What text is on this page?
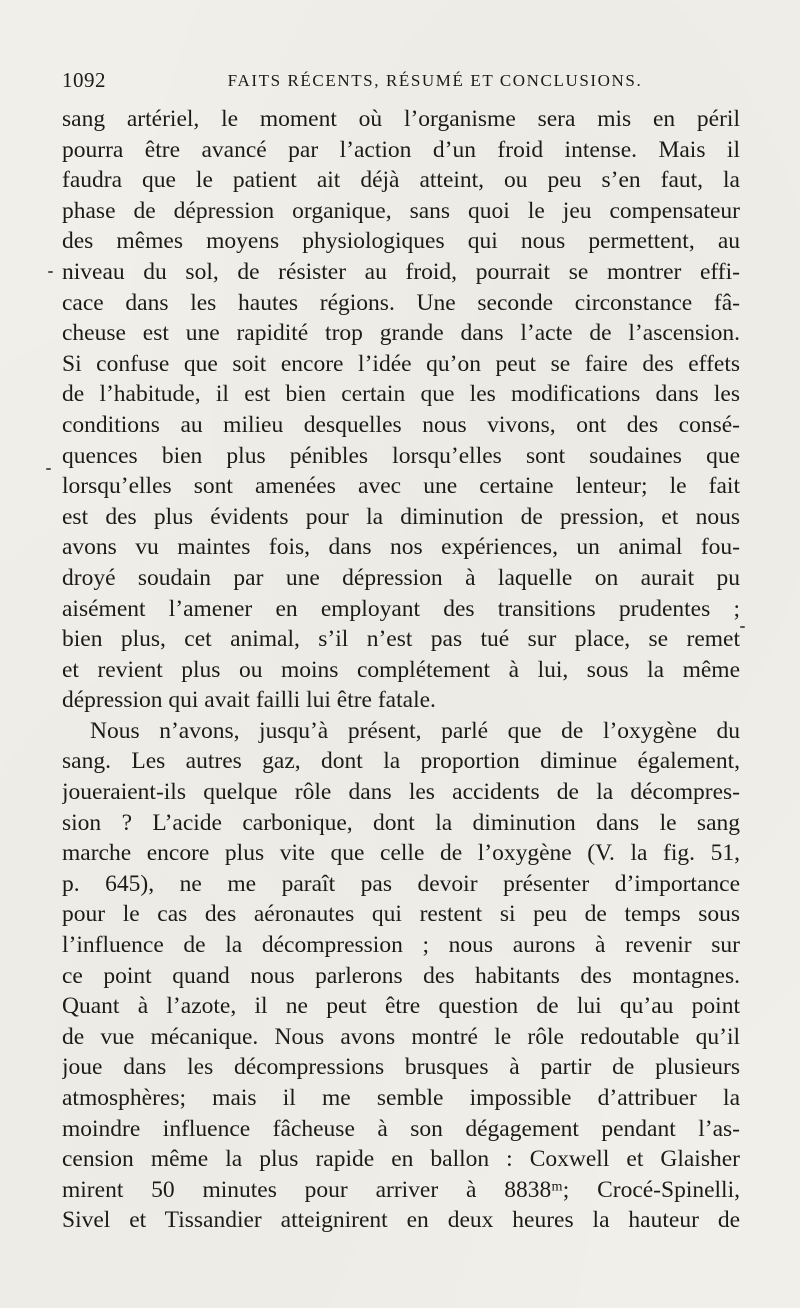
1092	FAITS RÉCENTS, RÉSUMÉ ET CONCLUSIONS.
sang artériel, le moment où l’organisme sera mis en péril
pourra être avancé par l’action d’un froid intense. Mais il
faudra que le patient ait déjà atteint, ou peu s’en faut, la
phase de dépression organique, sans quoi le jeu compensateur
des mêmes moyens physiologiques qui nous permettent, au
niveau du sol, de résister au froid, pourrait se montrer effi-
cace dans les hautes régions. Une seconde circonstance fâ-
cheuse est une rapidité trop grande dans l’acte de l’ascension.
Si confuse que soit encore l’idée qu’on peut se faire des effets
de l’habitude, il est bien certain que les modifications dans les
conditions au milieu desquelles nous vivons, ont des consé-
quences bien plus pénibles lorsqu’elles sont soudaines que
lorsqu’elles sont amenées avec une certaine lenteur; le fait
est des plus évidents pour la diminution de pression, et nous
avons vu maintes fois, dans nos expériences, un animal fou-
droyé soudain par une dépression à laquelle on aurait pu
aisément l’amener en employant des transitions prudentes ;
bien plus, cet animal, s’il n’est pas tué sur place, se remet
et revient plus ou moins complétement à lui, sous la même
dépression qui avait failli lui être fatale.
Nous n’avons, jusqu’à présent, parlé que de l’oxygène du
sang. Les autres gaz, dont la proportion diminue également,
joueraient-ils quelque rôle dans les accidents de la décompres-
sion ? L’acide carbonique, dont la diminution dans le sang
marche encore plus vite que celle de l’oxygène (V. la fig. 51,
p. 645), ne me paraît pas devoir présenter d’importance
pour le cas des aéronautes qui restent si peu de temps sous
l’influence de la décompression ; nous aurons à revenir sur
ce point quand nous parlerons des habitants des montagnes.
Quant à l’azote, il ne peut être question de lui qu’au point
de vue mécanique. Nous avons montré le rôle redoutable qu’il
joue dans les décompressions brusques à partir de plusieurs
atmosphères; mais il me semble impossible d’attribuer la
moindre influence fâcheuse à son dégagement pendant l’as-
cension même la plus rapide en ballon : Coxwell et Glaisher
mirent 50 minutes pour arriver à 8838ᵐ; Crocé-Spinelli,
Sivel et Tissandier atteignirent en deux heures la hauteur de
